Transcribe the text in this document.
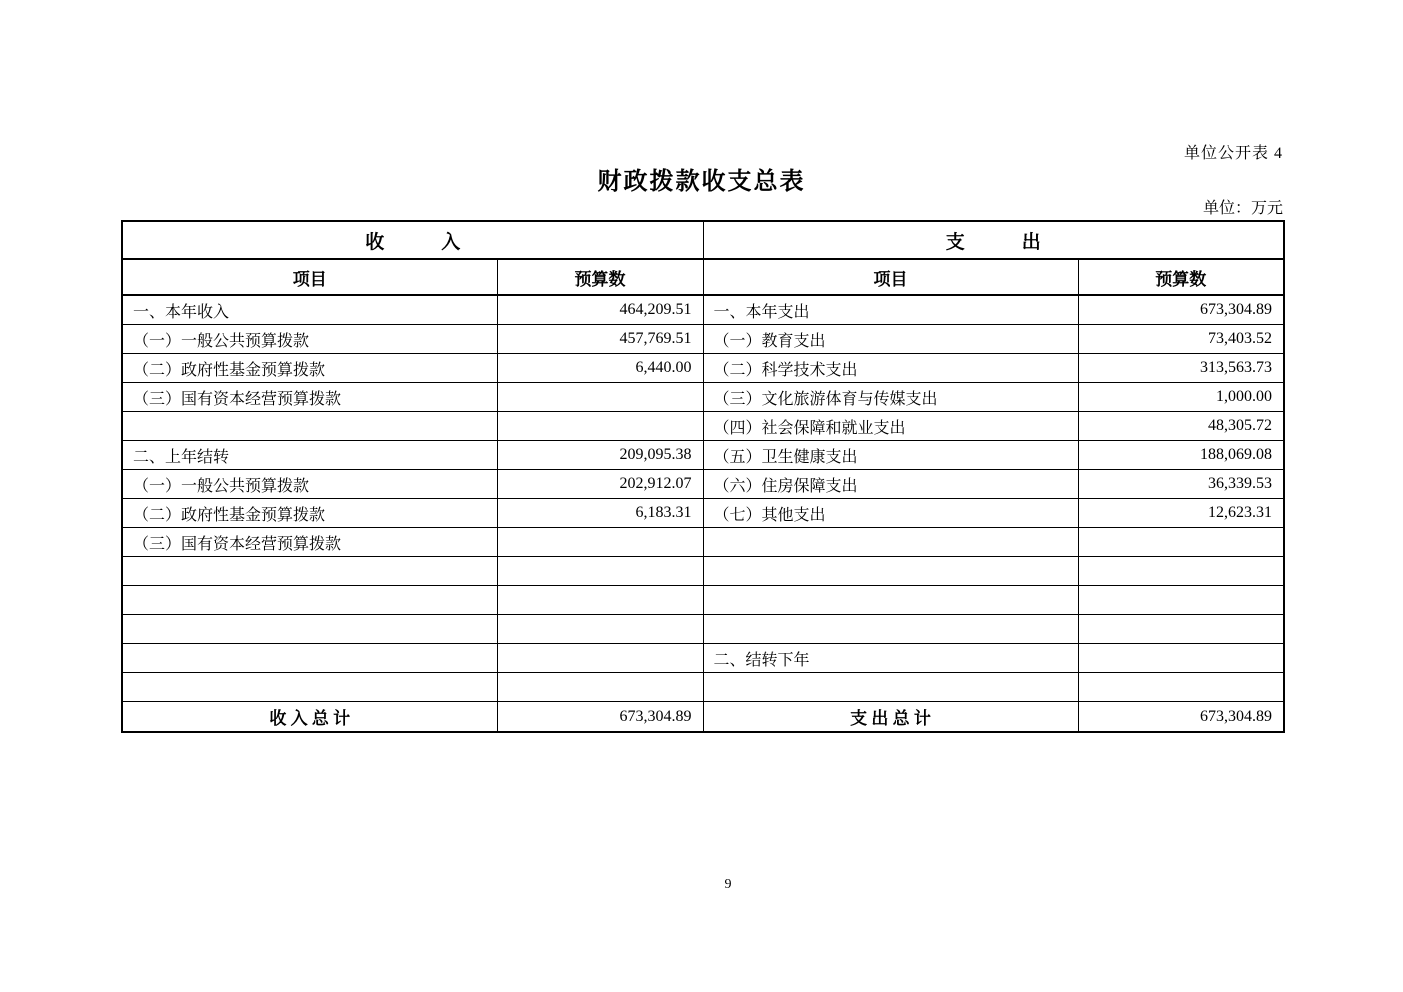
单位公开表 4
财政拨款收支总表
单位：万元
收　　　入		支　　　出	
项目	预算数	项目	预算数
一、本年收入	464,209.51	一、本年支出	673,304.89
（一）一般公共预算拨款	457,769.51	（一）教育支出	73,403.52
（二）政府性基金预算拨款	6,440.00	（二）科学技术支出	313,563.73
（三）国有资本经营预算拨款		（三）文化旅游体育与传媒支出	1,000.00
		（四）社会保障和就业支出	48,305.72
二、上年结转	209,095.38	（五）卫生健康支出	188,069.08
（一）一般公共预算拨款	202,912.07	（六）住房保障支出	36,339.53
（二）政府性基金预算拨款	6,183.31	（七）其他支出	12,623.31
（三）国有资本经营预算拨款			

		二、结转下年	

收 入 总 计	673,304.89	支 出 总 计	673,304.89
9
